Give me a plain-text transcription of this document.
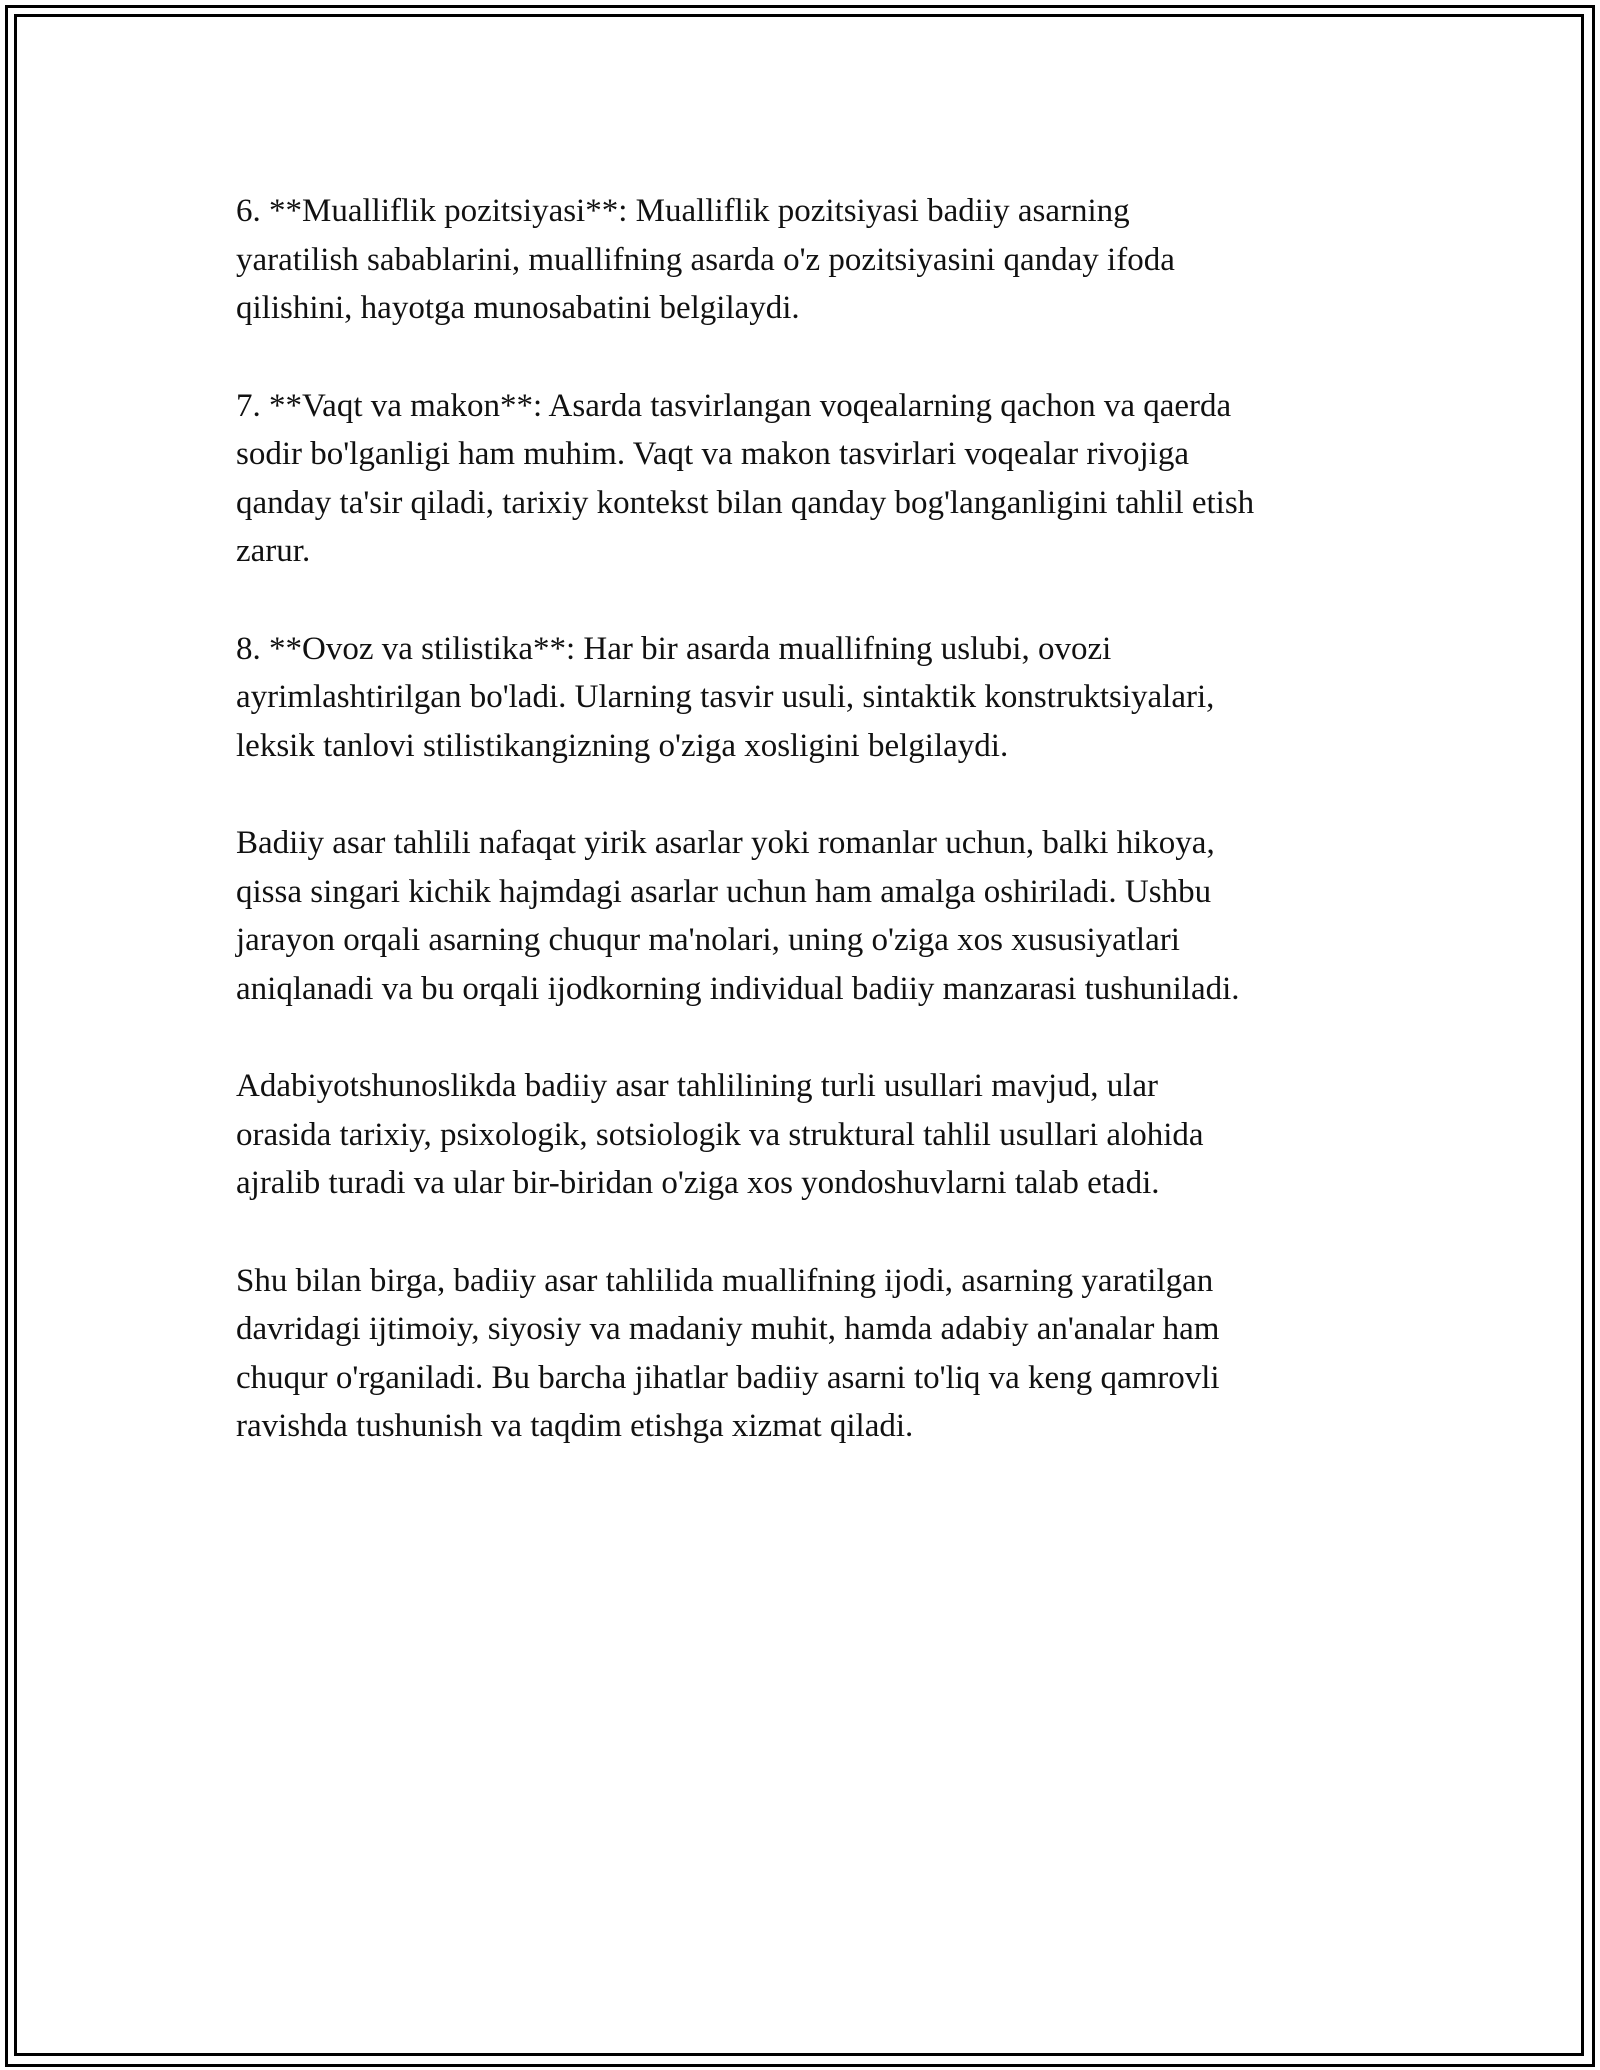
6. **Mualliflik pozitsiyasi**: Mualliflik pozitsiyasi badiiy asarning
yaratilish sabablarini, muallifning asarda o'z pozitsiyasini qanday ifoda
qilishini, hayotga munosabatini belgilaydi.

7. **Vaqt va makon**: Asarda tasvirlangan voqealarning qachon va qaerda
sodir bo'lganligi ham muhim. Vaqt va makon tasvirlari voqealar rivojiga
qanday ta'sir qiladi, tarixiy kontekst bilan qanday bog'langanligini tahlil etish
zarur.

8. **Ovoz va stilistika**: Har bir asarda muallifning uslubi, ovozi
ayrimlashtirilgan bo'ladi. Ularning tasvir usuli, sintaktik konstruktsiyalari,
leksik tanlovi stilistikangizning o'ziga xosligini belgilaydi.

Badiiy asar tahlili nafaqat yirik asarlar yoki romanlar uchun, balki hikoya,
qissa singari kichik hajmdagi asarlar uchun ham amalga oshiriladi. Ushbu
jarayon orqali asarning chuqur ma'nolari, uning o'ziga xos xususiyatlari
aniqlanadi va bu orqali ijodkorning individual badiiy manzarasi tushuniladi.

Adabiyotshunoslikda badiiy asar tahlilining turli usullari mavjud, ular
orasida tarixiy, psixologik, sotsiologik va struktural tahlil usullari alohida
ajralib turadi va ular bir-biridan o'ziga xos yondoshuvlarni talab etadi.

Shu bilan birga, badiiy asar tahlilida muallifning ijodi, asarning yaratilgan
davridagi ijtimoiy, siyosiy va madaniy muhit, hamda adabiy an'analar ham
chuqur o'rganiladi. Bu barcha jihatlar badiiy asarni to'liq va keng qamrovli
ravishda tushunish va taqdim etishga xizmat qiladi.
